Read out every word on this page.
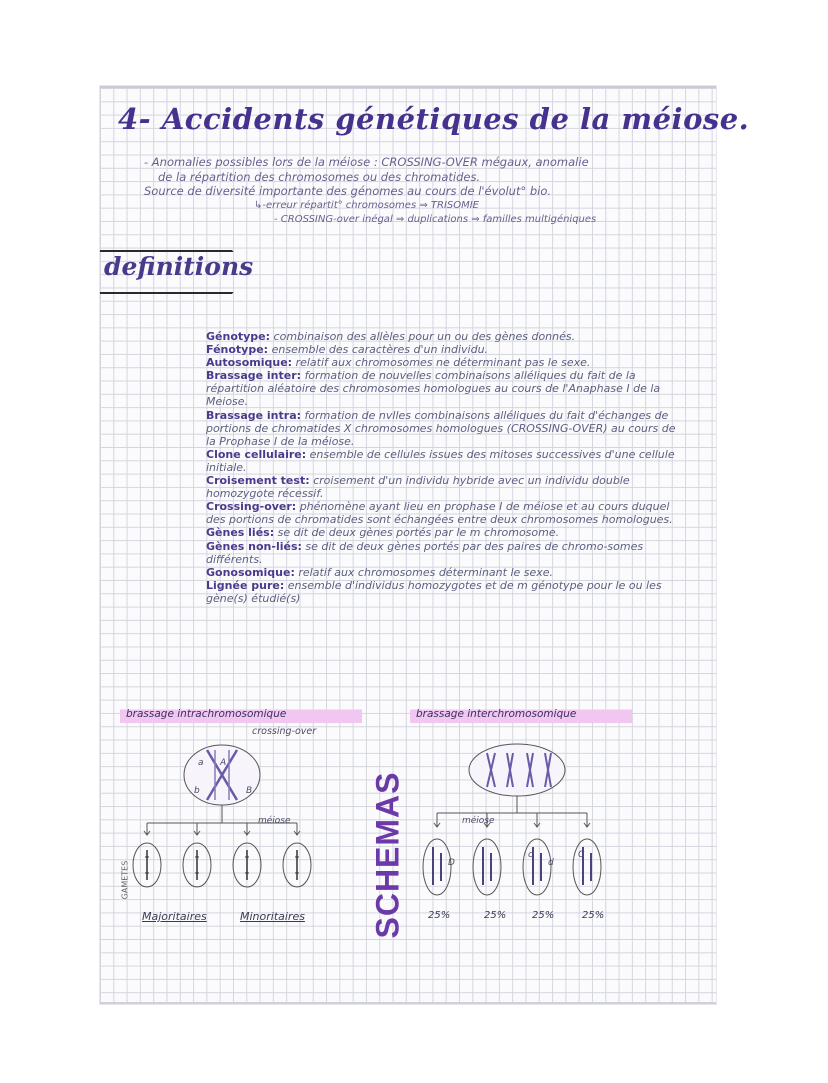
4- Accidents génétiques de la méiose.

- Anomalies possibles lors de la méiose : CROSSING-OVER mégaux, anomalie

de la répartition des chromosomes ou des chromatides.

Source de diversité importante des génomes au cours de l'évolut° bio.

↳-erreur répartit° chromosomes ⇒ TRISOMIE

- CROSSING-over inégal ⇒ duplications ⇒ familles multigéniques

definitions

Génotype: combinaison des allèles pour un ou des gènes donnés.

Fénotype: ensemble des caractères d'un individu.

Autosomique: relatif aux chromosomes ne déterminant pas le sexe.

Brassage inter: formation de nouvelles combinaisons alléliques du fait de la répartition aléatoire des chromosomes homologues au cours de l'Anaphase I de la Meiose.

Brassage intra: formation de nvlles combinaisons alléliques du fait d'échanges de portions de chromatides X chromosomes homologues (CROSSING-OVER) au cours de la Prophase I de la méiose.

Clone cellulaire: ensemble de cellules issues des mitoses successives d'une cellule initiale.

Croisement test: croisement d'un individu hybride avec un individu double homozygote récessif.

Crossing-over: phénomène ayant lieu en prophase I de méiose et au cours duquel des portions de chromatides sont échangées entre deux chromosomes homologues.

Gènes liés: se dit de deux gènes portés par le m chromosome.

Gènes non-liés: se dit de deux gènes portés par des paires de chromo-somes différents.

Gonosomique: relatif aux chromosomes déterminant le sexe.

Lignée pure: ensemble d'individus homozygotes et de m génotype pour le ou les gène(s) étudié(s)

brassage intrachromosomique	brassage interchromosomique
crossing-over
SCHEMAS
A
a
B
b
méiose
GAMETES
Majoritaires	Minoritaires
méiose
D	d
C
c
25%	25%	25%	25%
